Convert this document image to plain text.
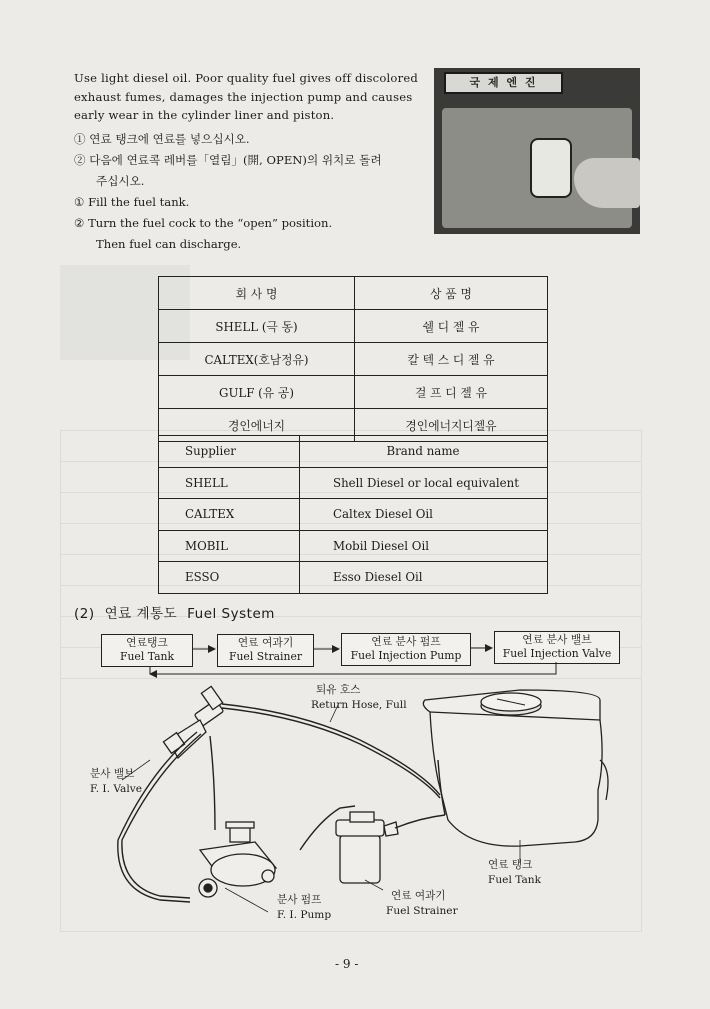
Use light diesel oil. Poor quality fuel gives off discolored exhaust fumes, damages the injection pump and causes early wear in the cylinder liner and piston.

① 연료 탱크에 연료를 넣으십시오.
② 다음에 연료콕 레버를「열림」(開, OPEN)의 위치로 돌려
주십시오.
① Fill the fuel tank.
② Turn the fuel cock to the “open” position.
Then fuel can discharge.
국 제 엔 진
회 사 명	상 품 명
SHELL (극 동)	쉘 디 젤 유
CALTEX(호남정유)	칼 텍 스 디 젤 유
GULF (유 공)	걸 프 디 젤 유
경인에너지	경인에너지디젤유
Supplier	Brand name
SHELL	Shell Diesel or local equivalent
CALTEX	Caltex Diesel Oil
MOBIL	Mobil Diesel Oil
ESSO	Esso Diesel Oil
(2) 연료 계통도 Fuel System
연료탱크
Fuel Tank
연료 여과기
Fuel Strainer
연료 분사 펌프
Fuel Injection Pump
연료 분사 밸브
Fuel Injection Valve
퇴유 호스
Return Hose, Full
분사 밸브
F. I. Valve
분사 펌프
F. I. Pump
연료 여과기
Fuel Strainer
연료 탱크
Fuel Tank
- 9 -
